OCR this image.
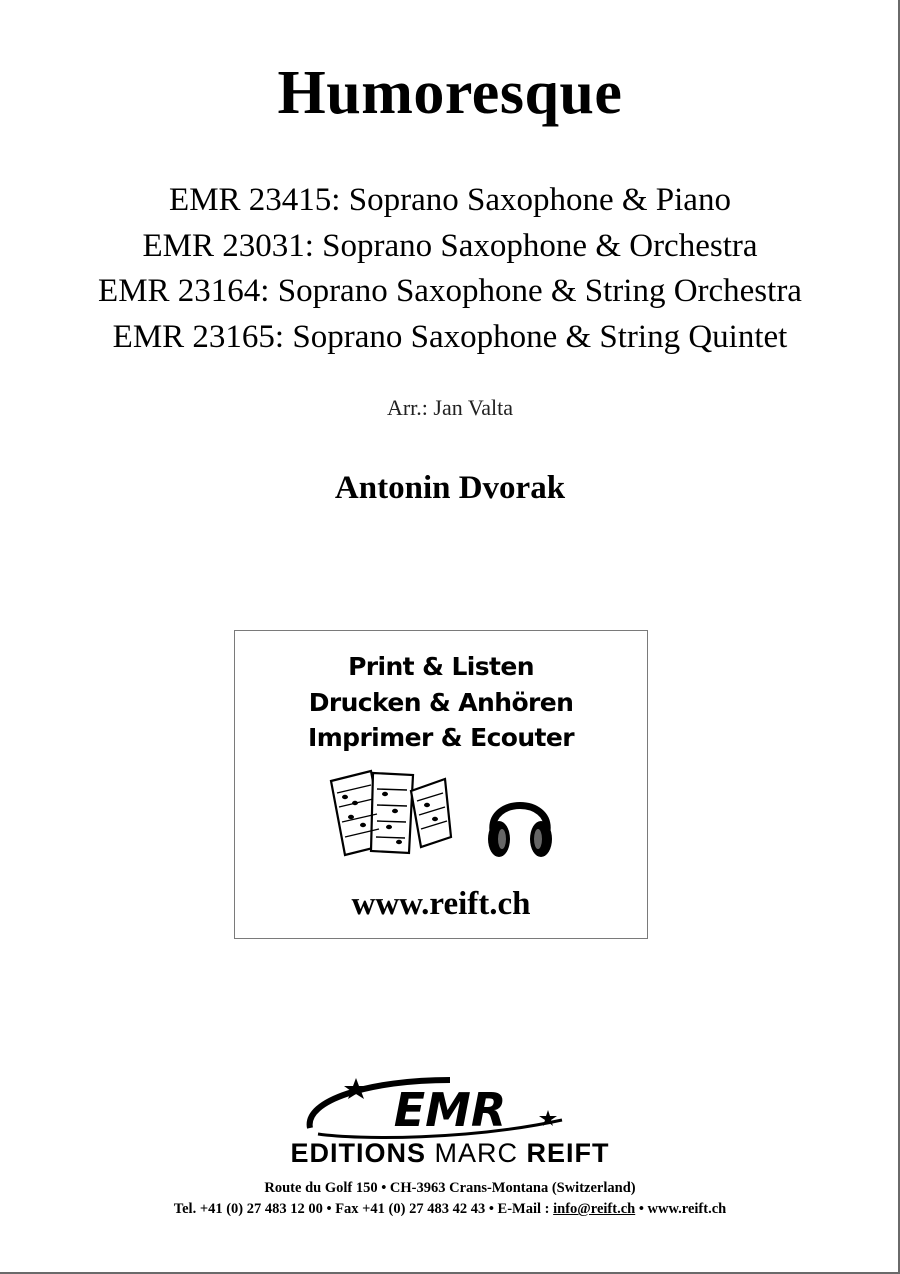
Humoresque
EMR 23415: Soprano Saxophone & Piano
EMR 23031: Soprano Saxophone & Orchestra
EMR 23164: Soprano Saxophone & String Orchestra
EMR 23165: Soprano Saxophone & String Quintet
Arr.: Jan Valta
Antonin Dvorak
Print & Listen
Drucken & Anhören
Imprimer & Ecouter
www.reift.ch
EMR
EDITIONS MARC REIFT
Route du Golf 150 • CH-3963 Crans-Montana (Switzerland)
Tel. +41 (0) 27 483 12 00 • Fax +41 (0) 27 483 42 43 • E-Mail : info@reift.ch • www.reift.ch
